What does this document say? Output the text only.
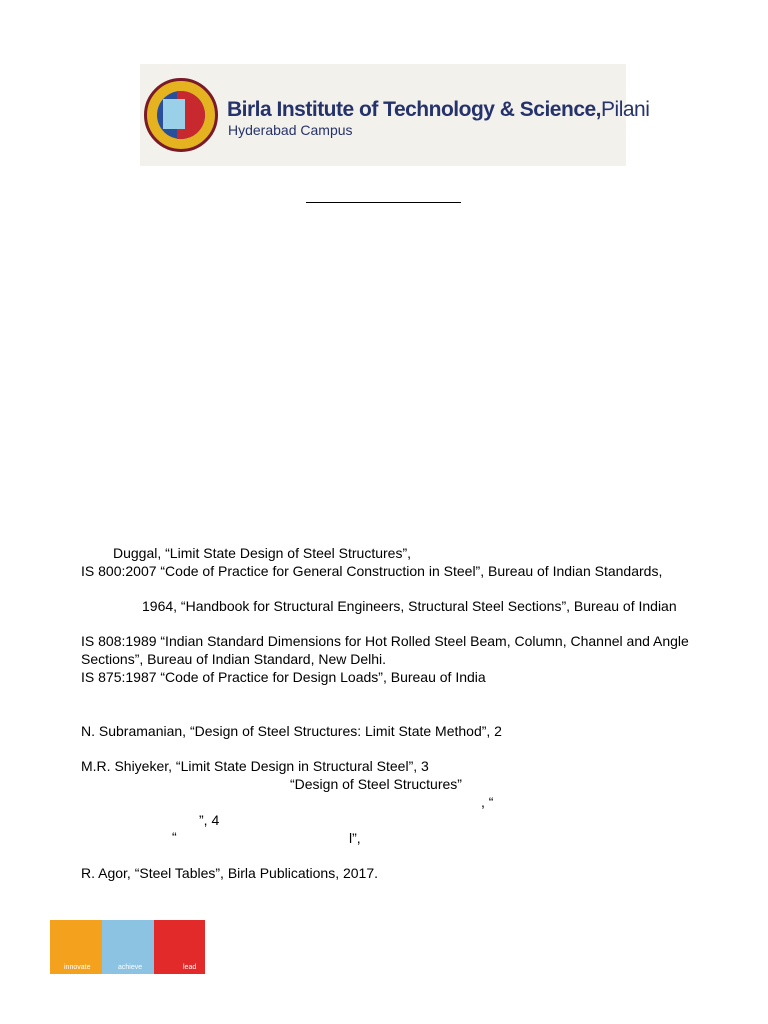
Birla Institute of Technology & Science,Pilani
Hyderabad Campus
Duggal, “Limit State Design of Steel Structures”,
IS 800:2007 “Code of Practice for General Construction in Steel”, Bureau of Indian Standards,
1964, “Handbook for Structural Engineers, Structural Steel Sections”, Bureau of Indian
IS 808:1989 “Indian Standard Dimensions for Hot Rolled Steel Beam, Column, Channel and Angle
Sections”, Bureau of Indian Standard, New Delhi.
IS 875:1987 “Code of Practice for Design Loads”, Bureau of India
N. Subramanian, “Design of Steel Structures: Limit State Method”, 2
M.R. Shiyeker, “Limit State Design in Structural Steel”, 3
“Design of Steel Structures”
, “
”, 4
“	l”,
R. Agor, “Steel Tables”, Birla Publications, 2017.
innovate	achieve	lead
